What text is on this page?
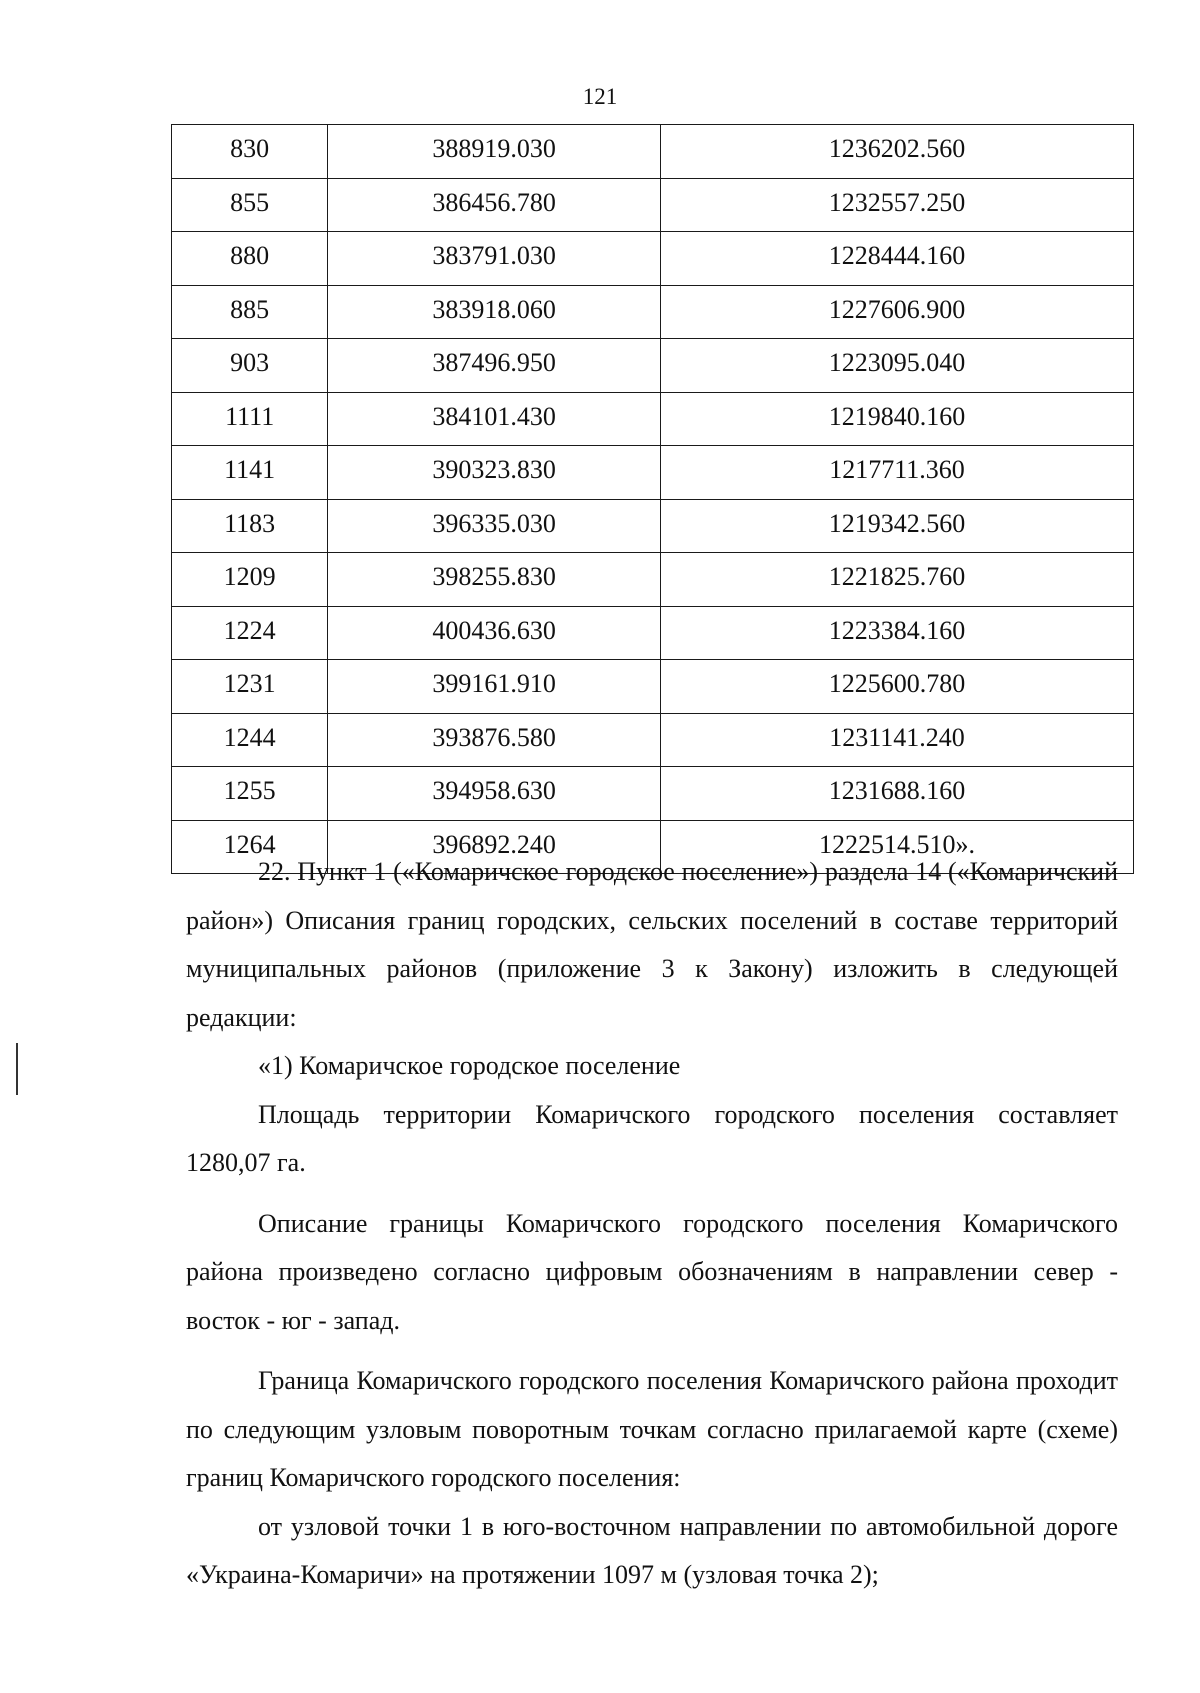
121
830	388919.030	1236202.560
855	386456.780	1232557.250
880	383791.030	1228444.160
885	383918.060	1227606.900
903	387496.950	1223095.040
1111	384101.430	1219840.160
1141	390323.830	1217711.360
1183	396335.030	1219342.560
1209	398255.830	1221825.760
1224	400436.630	1223384.160
1231	399161.910	1225600.780
1244	393876.580	1231141.240
1255	394958.630	1231688.160
1264	396892.240	1222514.510».

22. Пункт 1 («Комаричское городское поселение») раздела 14 («Комаричский район») Описания границ городских, сельских поселений в составе территорий муниципальных районов (приложение 3 к Закону) изложить в следующей редакции:

«1) Комаричское городское поселение

Площадь территории Комаричского городского поселения составляет 1280,07 га.

Описание границы Комаричского городского поселения Комаричского района произведено согласно цифровым обозначениям в направлении север - восток - юг - запад.

Граница Комаричского городского поселения Комаричского района проходит по следующим узловым поворотным точкам согласно прилагаемой карте (схеме) границ Комаричского городского поселения:

от узловой точки 1 в юго-восточном направлении по автомобильной дороге «Украина-Комаричи» на протяжении 1097 м (узловая точка 2);
